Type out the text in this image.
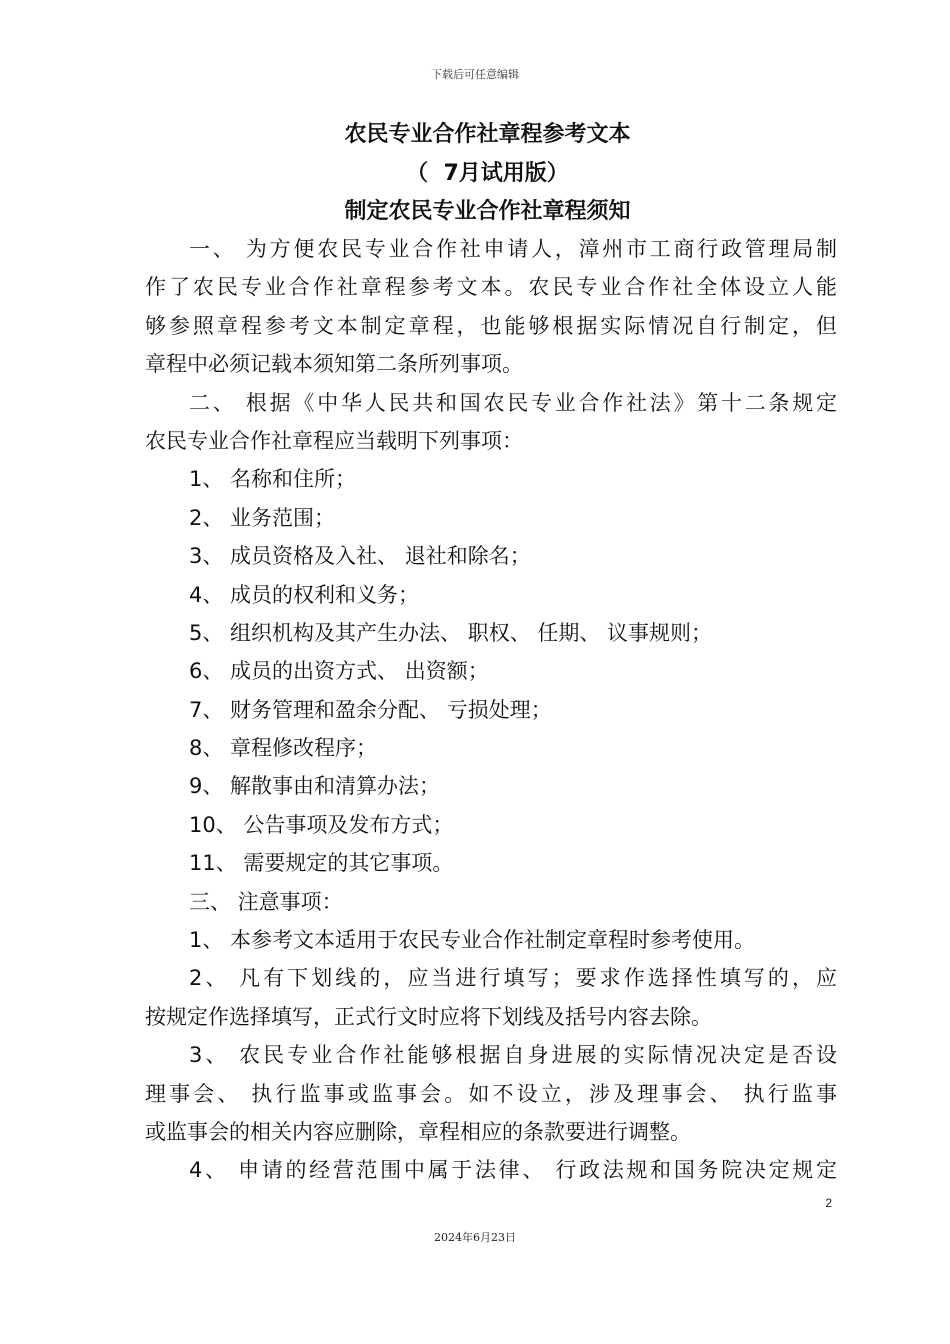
下载后可任意编辑
农民专业合作社章程参考文本
（  7月试用版）
制定农民专业合作社章程须知
一、 为方便农民专业合作社申请人，漳州市工商行政管理局制
作了农民专业合作社章程参考文本。农民专业合作社全体设立人能
够参照章程参考文本制定章程，也能够根据实际情况自行制定，但
章程中必须记载本须知第二条所列事项。
二、 根据《中华人民共和国农民专业合作社法》第十二条规定
农民专业合作社章程应当载明下列事项：
1、 名称和住所；
2、 业务范围；
3、 成员资格及入社、 退社和除名；
4、 成员的权利和义务；
5、 组织机构及其产生办法、 职权、 任期、 议事规则；
6、 成员的出资方式、 出资额；
7、 财务管理和盈余分配、 亏损处理；
8、 章程修改程序；
9、 解散事由和清算办法；
10、 公告事项及发布方式；
11、 需要规定的其它事项。
三、 注意事项：
1、 本参考文本适用于农民专业合作社制定章程时参考使用。
2、 凡有下划线的，应当进行填写；要求作选择性填写的，应
按规定作选择填写，正式行文时应将下划线及括号内容去除。
3、 农民专业合作社能够根据自身进展的实际情况决定是否设
理事会、 执行监事或监事会。如不设立，涉及理事会、 执行监事
或监事会的相关内容应删除，章程相应的条款要进行调整。
4、 申请的经营范围中属于法律、 行政法规和国务院决定规定
2
2024年6月23日
